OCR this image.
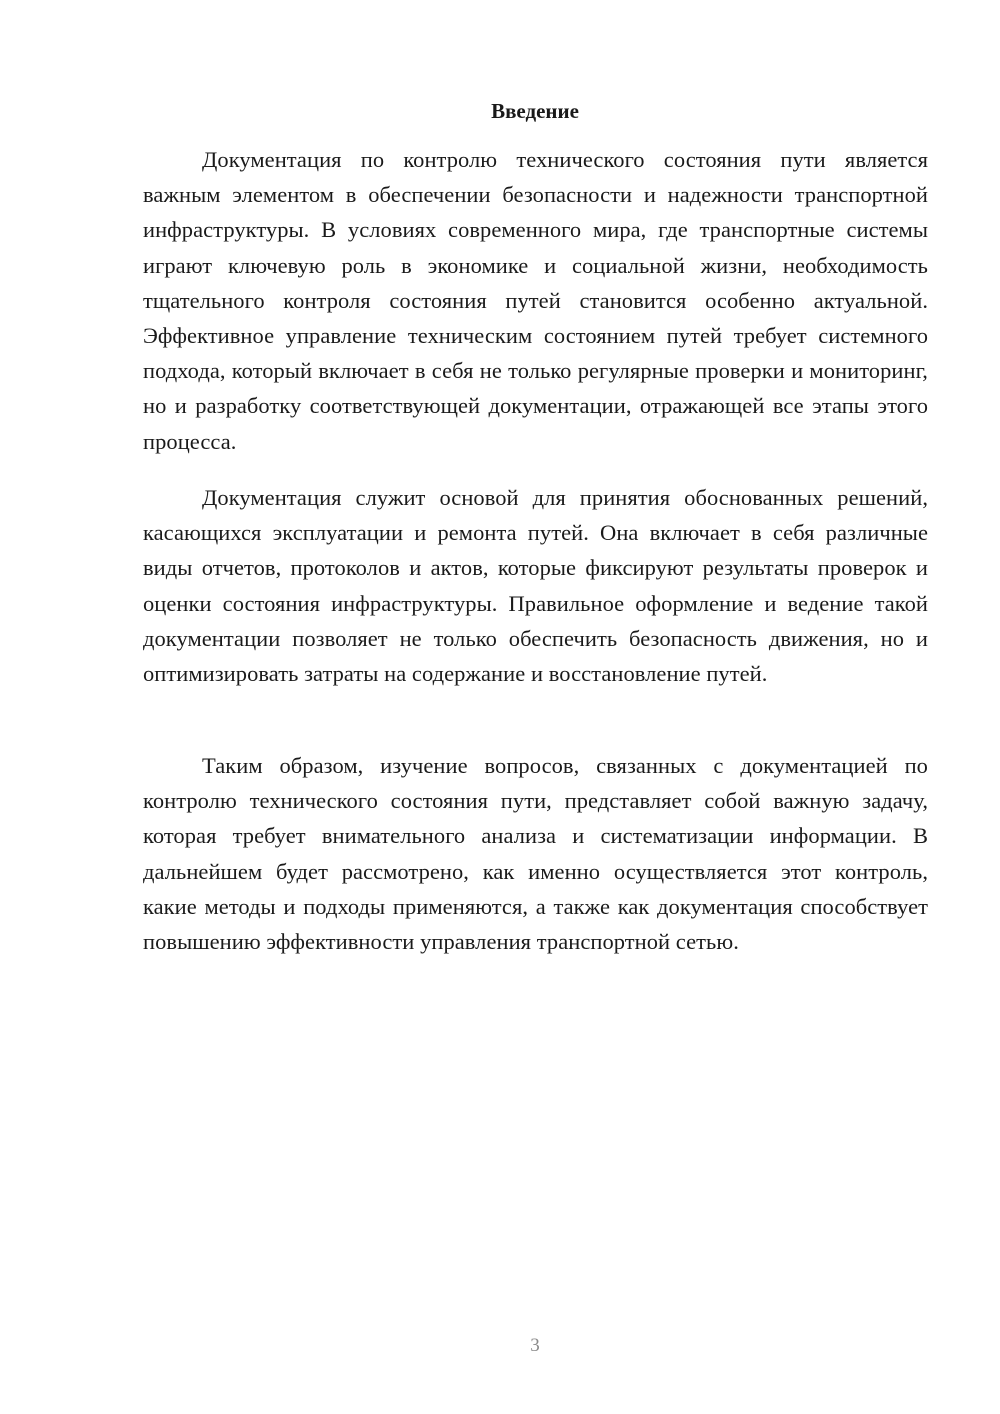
Введение

Документация по контролю технического состояния пути является важным элементом в обеспечении безопасности и надежности транспортной инфраструктуры. В условиях современного мира, где транспортные системы играют ключевую роль в экономике и социальной жизни, необходимость тщательного контроля состояния путей становится особенно актуальной. Эффективное управление техническим состоянием путей требует системного подхода, который включает в себя не только регулярные проверки и мониторинг, но и разработку соответствующей документации, отражающей все этапы этого процесса.

Документация служит основой для принятия обоснованных решений, касающихся эксплуатации и ремонта путей. Она включает в себя различные виды отчетов, протоколов и актов, которые фиксируют результаты проверок и оценки состояния инфраструктуры. Правильное оформление и ведение такой документации позволяет не только обеспечить безопасность движения, но и оптимизировать затраты на содержание и восстановление путей.

Таким образом, изучение вопросов, связанных с документацией по контролю технического состояния пути, представляет собой важную задачу, которая требует внимательного анализа и систематизации информации. В дальнейшем будет рассмотрено, как именно осуществляется этот контроль, какие методы и подходы применяются, а также как документация способствует повышению эффективности управления транспортной сетью.

3
